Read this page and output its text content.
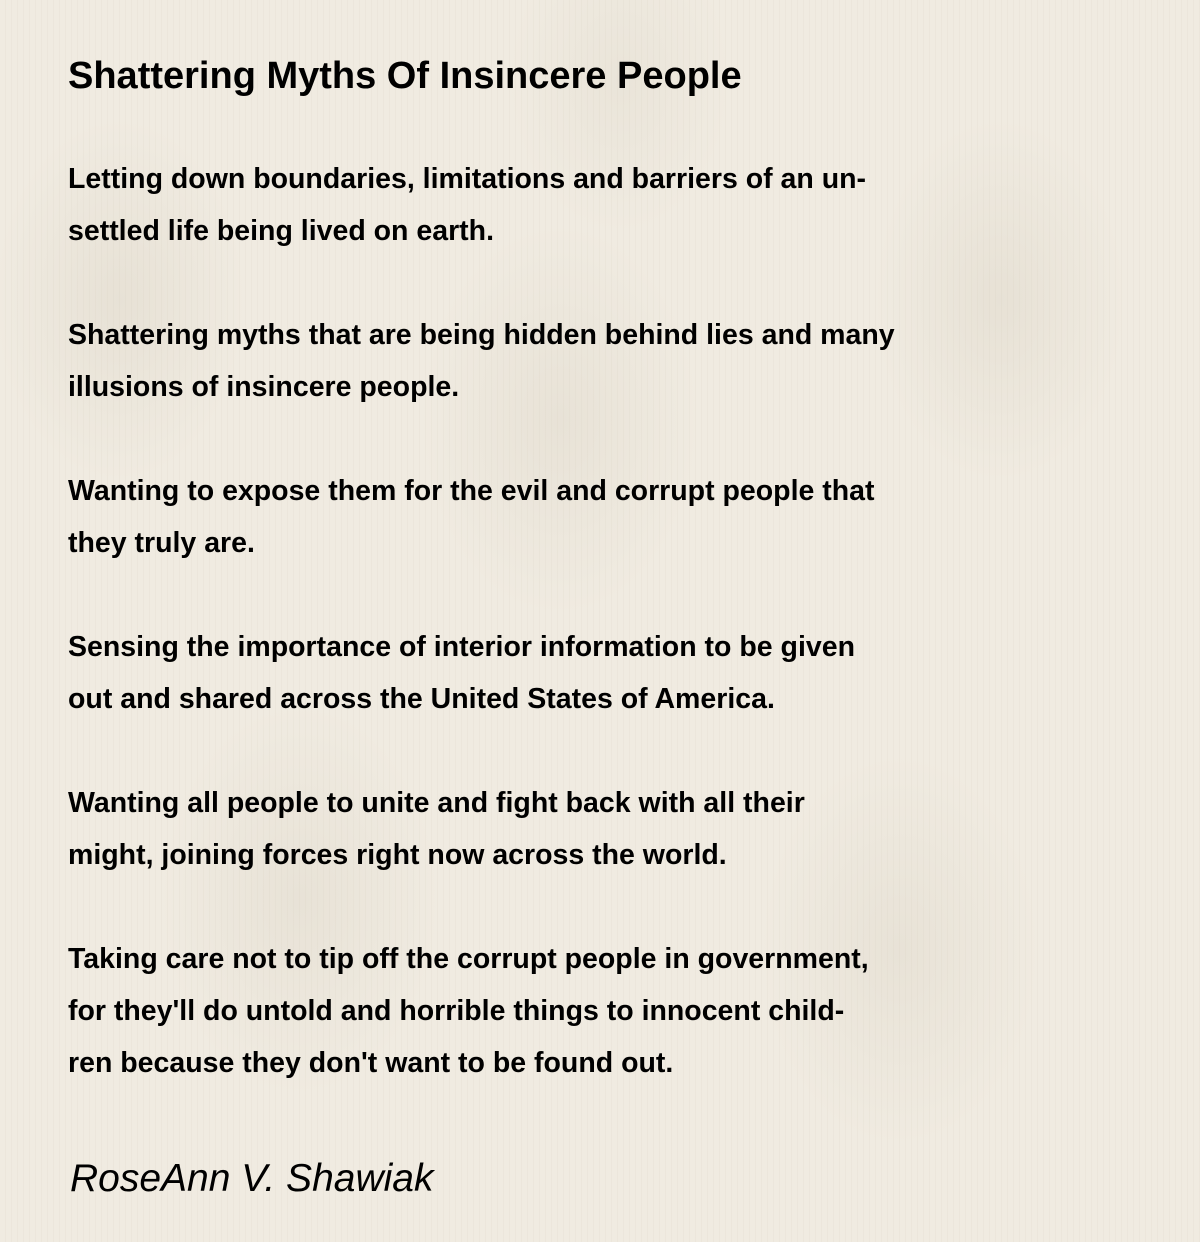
Shattering Myths Of Insincere People
Letting down boundaries, limitations and barriers of an un-
settled life being lived on earth.
Shattering myths that are being hidden behind lies and many
illusions of insincere people.
Wanting to expose them for the evil and corrupt people that
they truly are.
Sensing the importance of interior information to be given
out and shared across the United States of America.
Wanting all people to unite and fight back with all their
might, joining forces right now across the world.
Taking care not to tip off the corrupt people in government,
for they'll do untold and horrible things to innocent child-
ren because they don't want to be found out.
RoseAnn V. Shawiak
